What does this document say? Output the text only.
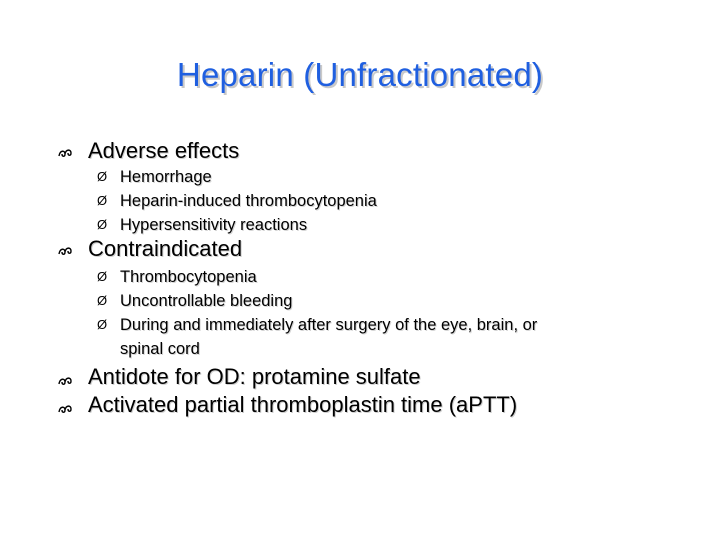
Heparin (Unfractionated)
Adverse effects
Ø Hemorrhage
Ø Heparin-induced thrombocytopenia
Ø Hypersensitivity reactions
Contraindicated
Ø Thrombocytopenia
Ø Uncontrollable bleeding
Ø During and immediately after surgery of the eye, brain, or
spinal cord
Antidote for OD: protamine sulfate
Activated partial thromboplastin time (aPTT)
